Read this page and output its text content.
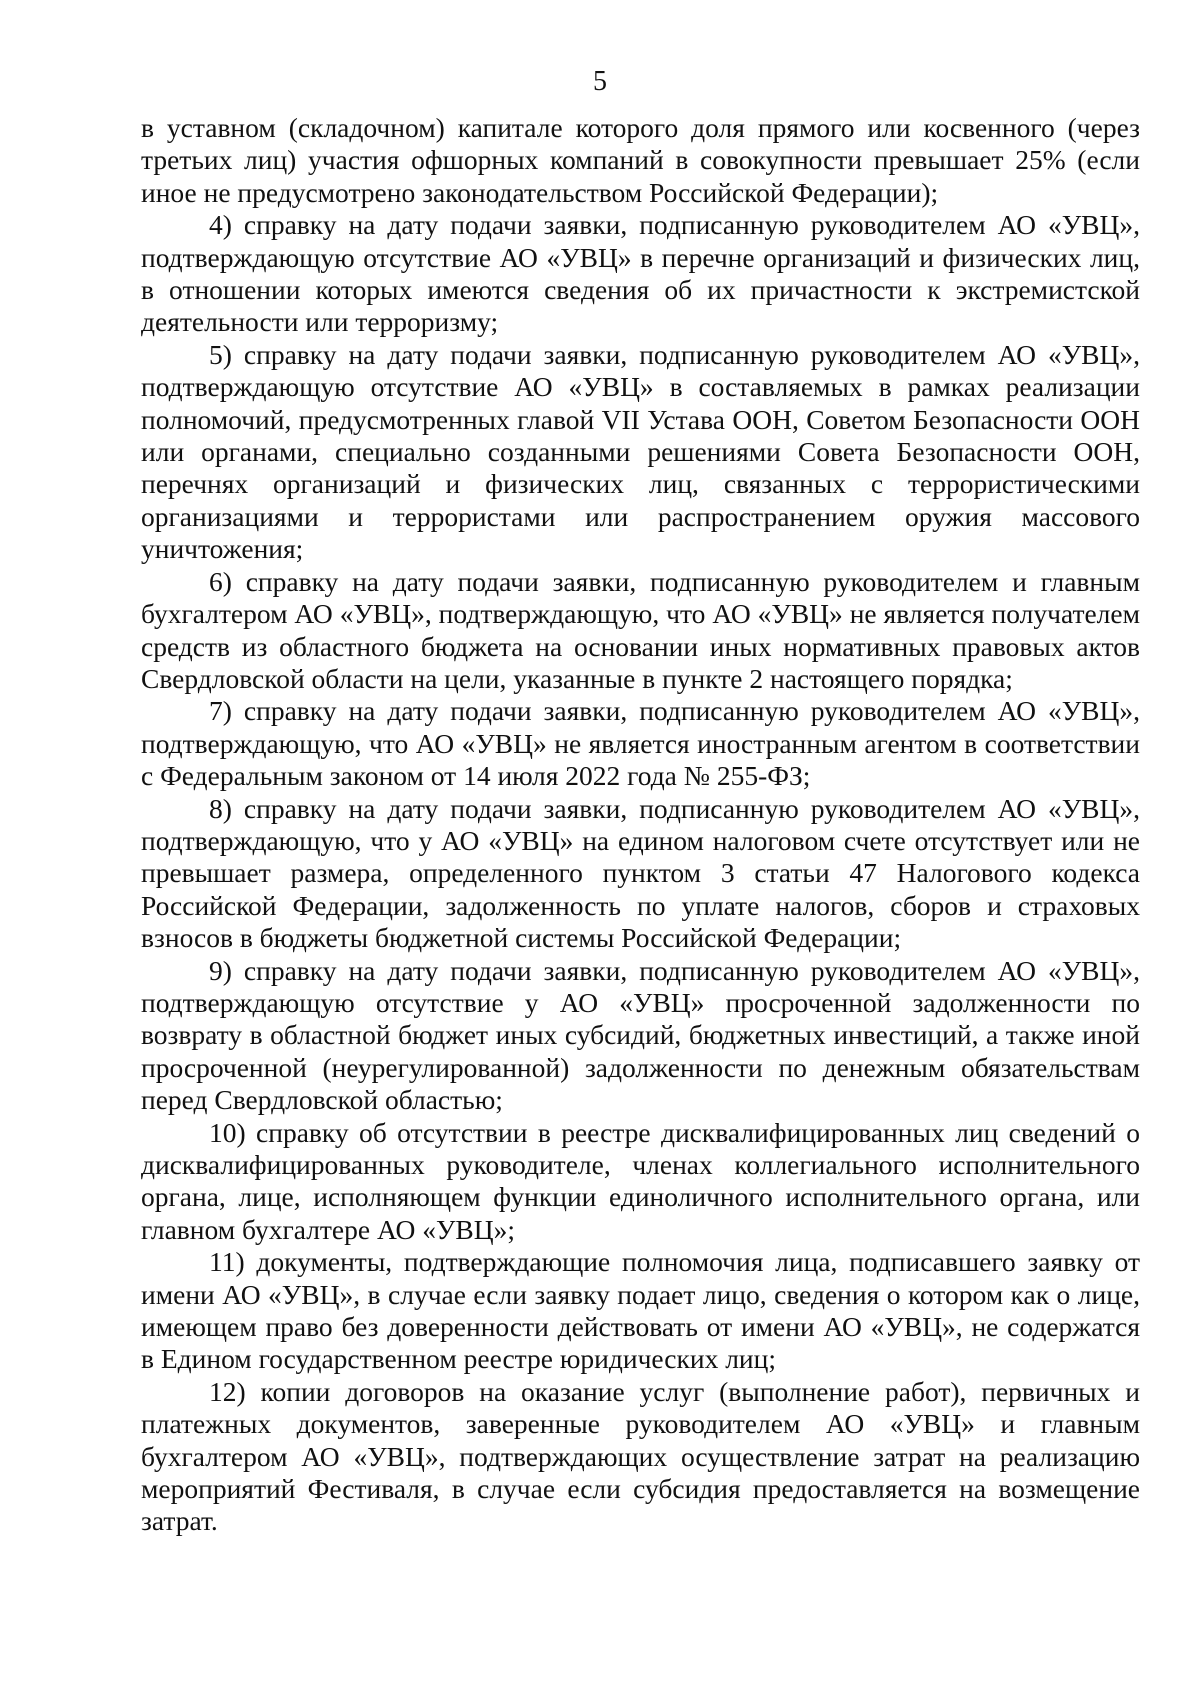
5

в уставном (складочном) капитале которого доля прямого или косвенного (через третьих лиц) участия офшорных компаний в совокупности превышает 25% (если иное не предусмотрено законодательством Российской Федерации);

4) справку на дату подачи заявки, подписанную руководителем АО «УВЦ», подтверждающую отсутствие АО «УВЦ» в перечне организаций и физических лиц, в отношении которых имеются сведения об их причастности к экстремистской деятельности или терроризму;

5) справку на дату подачи заявки, подписанную руководителем АО «УВЦ», подтверждающую отсутствие АО «УВЦ» в составляемых в рамках реализации полномочий, предусмотренных главой VII Устава ООН, Советом Безопасности ООН или органами, специально созданными решениями Совета Безопасности ООН, перечнях организаций и физических лиц, связанных с террористическими организациями и террористами или распространением оружия массового уничтожения;

6) справку на дату подачи заявки, подписанную руководителем и главным бухгалтером АО «УВЦ», подтверждающую, что АО «УВЦ» не является получателем средств из областного бюджета на основании иных нормативных правовых актов Свердловской области на цели, указанные в пункте 2 настоящего порядка;

7) справку на дату подачи заявки, подписанную руководителем АО «УВЦ», подтверждающую, что АО «УВЦ» не является иностранным агентом в соответствии с Федеральным законом от 14 июля 2022 года № 255-ФЗ;

8) справку на дату подачи заявки, подписанную руководителем АО «УВЦ», подтверждающую, что у АО «УВЦ» на едином налоговом счете отсутствует или не превышает размера, определенного пунктом 3 статьи 47 Налогового кодекса Российской Федерации, задолженность по уплате налогов, сборов и страховых взносов в бюджеты бюджетной системы Российской Федерации;

9) справку на дату подачи заявки, подписанную руководителем АО «УВЦ», подтверждающую отсутствие у АО «УВЦ» просроченной задолженности по возврату в областной бюджет иных субсидий, бюджетных инвестиций, а также иной просроченной (неурегулированной) задолженности по денежным обязательствам перед Свердловской областью;

10) справку об отсутствии в реестре дисквалифицированных лиц сведений о дисквалифицированных руководителе, членах коллегиального исполнительного органа, лице, исполняющем функции единоличного исполнительного органа, или главном бухгалтере АО «УВЦ»;

11) документы, подтверждающие полномочия лица, подписавшего заявку от имени АО «УВЦ», в случае если заявку подает лицо, сведения о котором как о лице, имеющем право без доверенности действовать от имени АО «УВЦ», не содержатся в Едином государственном реестре юридических лиц;

12) копии договоров на оказание услуг (выполнение работ), первичных и платежных документов, заверенные руководителем АО «УВЦ» и главным бухгалтером АО «УВЦ», подтверждающих осуществление затрат на реализацию мероприятий Фестиваля, в случае если субсидия предоставляется на возмещение затрат.
